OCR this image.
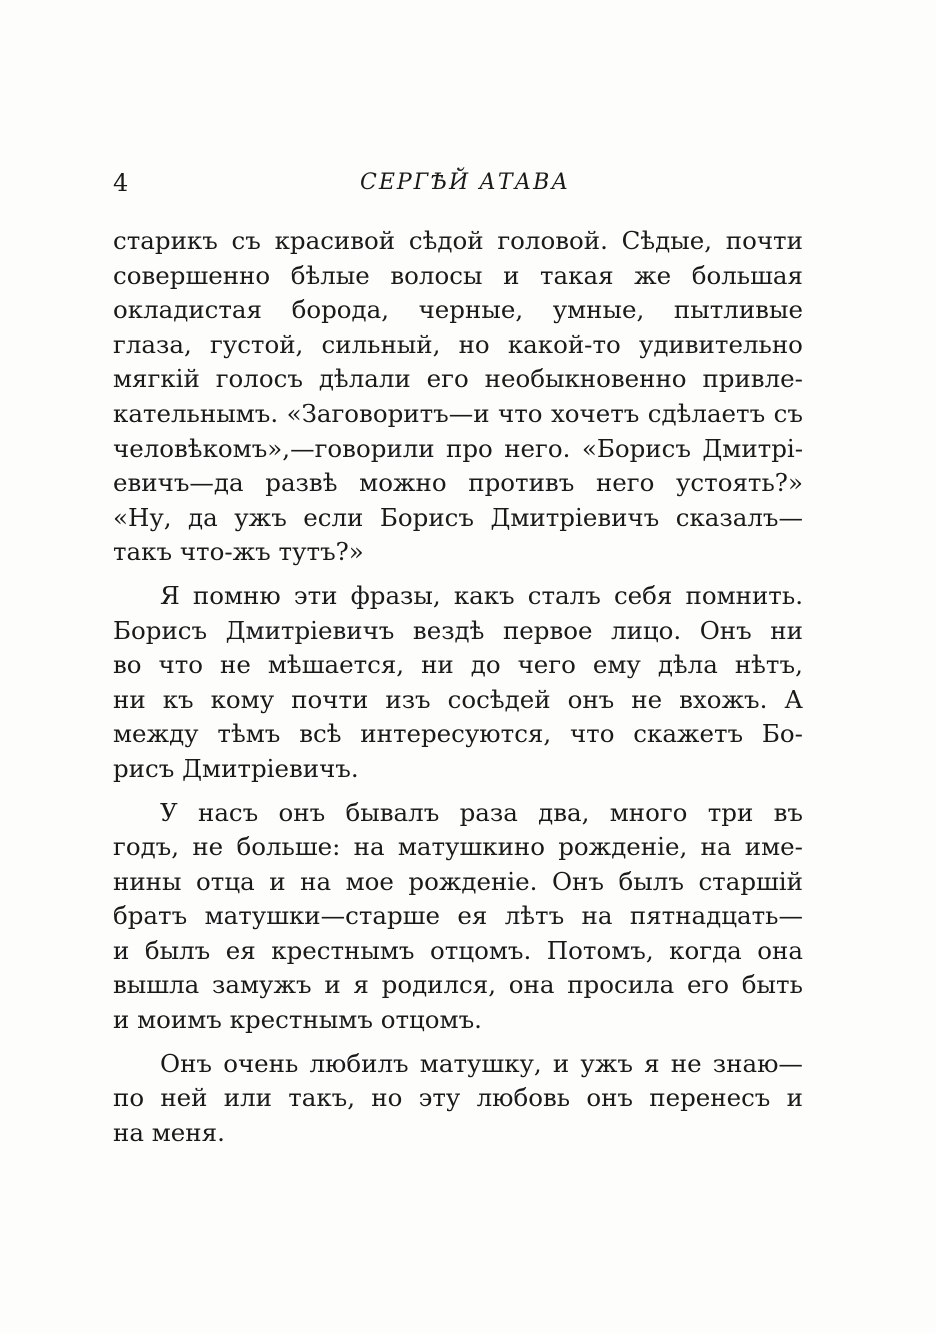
4	СЕРГѢЙ АТАВА
старикъ съ красивой сѣдой головой. Сѣдые, почти
совершенно бѣлые волосы и такая же большая
окладистая борода, черные, умные, пытливые
глаза, густой, сильный, но какой-то удивительно
мягкій голосъ дѣлали его необыкновенно привле-
кательнымъ. «Заговоритъ—и что хочетъ сдѣлаетъ съ
человѣкомъ»,—говорили про него. «Борисъ Дмитрі-
евичъ—да развѣ можно противъ него устоять?»
«Ну, да ужъ если Борисъ Дмитріевичъ сказалъ—
такъ что-жъ тутъ?»
Я помню эти фразы, какъ сталъ себя помнить.
Борисъ Дмитріевичъ вездѣ первое лицо. Онъ ни
во что не мѣшается, ни до чего ему дѣла нѣтъ,
ни къ кому почти изъ сосѣдей онъ не вхожъ. А
между тѣмъ всѣ интересуются, что скажетъ Бо-
рисъ Дмитріевичъ.
У насъ онъ бывалъ раза два, много три въ
годъ, не больше: на матушкино рожденіе, на име-
нины отца и на мое рожденіе. Онъ былъ старшій
братъ матушки—старше ея лѣтъ на пятнадцать—
и былъ ея крестнымъ отцомъ. Потомъ, когда она
вышла замужъ и я родился, она просила его быть
и моимъ крестнымъ отцомъ.
Онъ очень любилъ матушку, и ужъ я не знаю—
по ней или такъ, но эту любовь онъ перенесъ и
на меня.
